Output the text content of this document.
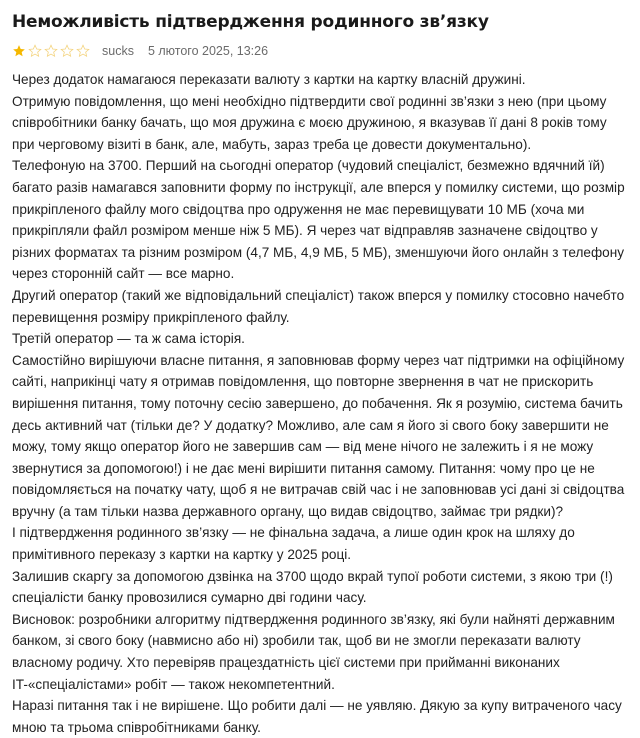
Неможливість підтвердження родинного зв’язку
sucks 5 лютого 2025, 13:26

Через додаток намагаюся переказати валюту з картки на картку власній дружині.

Отримую повідомлення, що мені необхідно підтвердити свої родинні зв’язки з нею (при цьому співробітники банку бачать, що моя дружина є моєю дружиною, я вказував її дані 8 років тому при черговому візиті в банк, але, мабуть, зараз треба це довести документально).

Телефоную на 3700. Перший на сьогодні оператор (чудовий спеціаліст, безмежно вдячний їй) багато разів намагався заповнити форму по інструкції, але вперся у помилку системи, що розмір прикріпленого файлу мого свідоцтва про одруження не має перевищувати 10 МБ (хоча ми прикріпляли файл розміром менше ніж 5 МБ). Я через чат відправляв зазначене свідоцтво у різних форматах та різним розміром (4,7 МБ, 4,9 МБ, 5 МБ), зменшуючи його онлайн з телефону через сторонній сайт — все марно.

Другий оператор (такий же відповідальний спеціаліст) також вперся у помилку стосовно начебто перевищення розміру прикріпленого файлу.

Третій оператор — та ж сама історія.

Самостійно вирішуючи власне питання, я заповнював форму через чат підтримки на офіційному сайті, наприкінці чату я отримав повідомлення, що повторне звернення в чат не прискорить вирішення питання, тому поточну сесію завершено, до побачення. Як я розумію, система бачить десь активний чат (тільки де? У додатку? Можливо, але сам я його зі свого боку завершити не можу, тому якщо оператор його не завершив сам — від мене нічого не залежить і я не можу звернутися за допомогою!) і не дає мені вирішити питання самому. Питання: чому про це не повідомляється на початку чату, щоб я не витрачав свій час і не заповнював усі дані зі свідоцтва вручну (а там тільки назва державного органу, що видав свідоцтво, займає три рядки)?

І підтвердження родинного зв’язку — не фінальна задача, а лише один крок на шляху до примітивного переказу з картки на картку у 2025 році.

Залишив скаргу за допомогою дзвінка на 3700 щодо вкрай тупої роботи системи, з якою три (!) спеціалісти банку провозилися сумарно дві години часу.

Висновок: розробники алгоритму підтвердження родинного зв’язку, які були найняті державним банком, зі свого боку (навмисно або ні) зробили так, щоб ви не змогли переказати валюту власному родичу. Хто перевіряв працездатність цієї системи при прийманні виконаних IT-«спеціалістами» робіт — також некомпетентний.

Наразі питання так і не вирішене. Що робити далі — не уявляю. Дякую за купу витраченого часу мною та трьома співробітниками банку.
